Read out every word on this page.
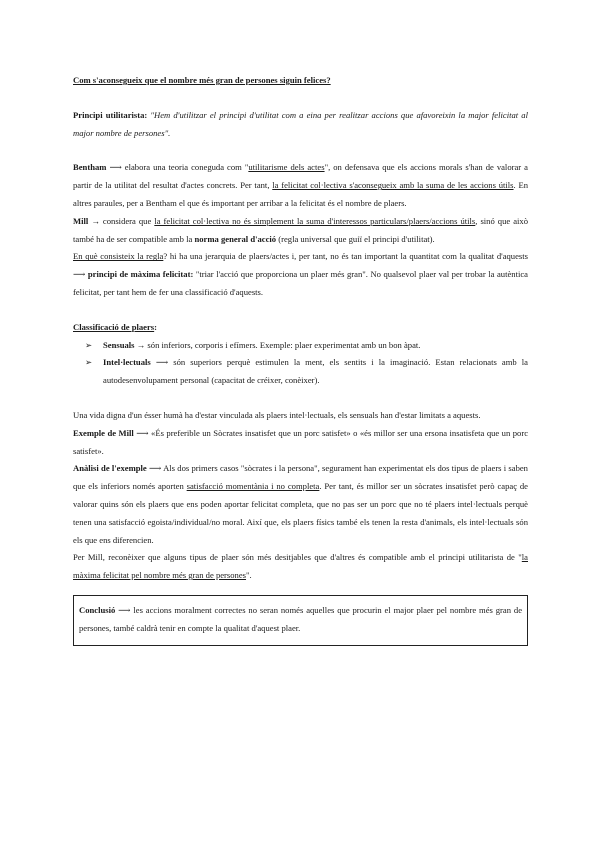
Com s'aconsegueix que el nombre més gran de persones siguin felices?

Principi utilitarista: "Hem d'utilitzar el principi d'utilitat com a eina per realitzar accions que afavoreixin la major felicitat al major nombre de persones".

Bentham ⟶ elabora una teoria coneguda com "utilitarisme dels actes", on defensava que els accions morals s'han de valorar a partir de la utilitat del resultat d'actes concrets. Per tant, la felicitat col·lectiva s'aconsegueix amb la suma de les accions útils. En altres paraules, per a Bentham el que és important per arribar a la felicitat és el nombre de plaers.

Mill → considera que la felicitat col·lectiva no és simplement la suma d'interessos particulars/plaers/accions útils, sinó que això també ha de ser compatible amb la norma general d'acció (regla universal que guiï el principi d'utilitat).

En què consisteix la regla? hi ha una jerarquia de plaers/actes i, per tant, no és tan important la quantitat com la qualitat d'aquests ⟶ principi de màxima felicitat: "triar l'acció que proporciona un plaer més gran". No qualsevol plaer val per trobar la autèntica felicitat, per tant hem de fer una classificació d'aquests.

Classificació de plaers:

➢ Sensuals → són inferiors, corporis i efímers. Exemple: plaer experimentat amb un bon àpat.
➢ Intel·lectuals ⟶ són superiors perquè estimulen la ment, els sentits i la imaginació. Estan relacionats amb la autodesenvolupament personal (capacitat de créixer, conèixer).

Una vida digna d'un ésser humà ha d'estar vinculada als plaers intel·lectuals, els sensuals han d'estar limitats a aquests.

Exemple de Mill ⟶ «És preferible un Sòcrates insatisfet que un porc satisfet» o «és millor ser una ersona insatisfeta que un porc satisfet».

Anàlisi de l'exemple ⟶ Als dos primers casos "sòcrates i la persona", segurament han experimentat els dos tipus de plaers i saben que els inferiors només aporten satisfacció momentània i no completa. Per tant, és millor ser un sòcrates insatisfet però capaç de valorar quins són els plaers que ens poden aportar felicitat completa, que no pas ser un porc que no té plaers intel·lectuals perquè tenen una satisfacció egoista/individual/no moral. Així que, els plaers físics també els tenen la resta d'animals, els intel·lectuals són els que ens diferencien.

Per Mill, reconèixer que alguns tipus de plaer són més desitjables que d'altres és compatible amb el principi utilitarista de "la màxima felicitat pel nombre més gran de persones".

Conclusió ⟶ les accions moralment correctes no seran només aquelles que procurin el major plaer pel nombre més gran de persones, també caldrà tenir en compte la qualitat d'aquest plaer.
